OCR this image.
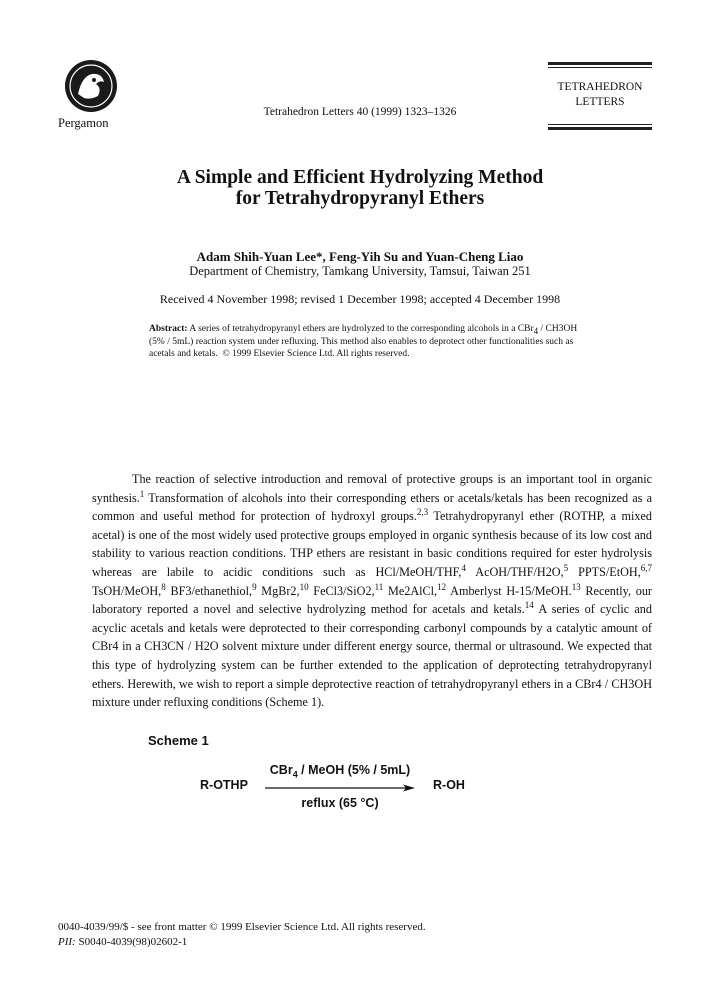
Pergamon
Tetrahedron Letters 40 (1999) 1323–1326
TETRAHEDRON
LETTERS
A Simple and Efficient Hydrolyzing Method
for Tetrahydropyranyl Ethers
Adam Shih-Yuan Lee*, Feng-Yih Su and Yuan-Cheng Liao
Department of Chemistry, Tamkang University, Tamsui, Taiwan 251
Received 4 November 1998; revised 1 December 1998; accepted 4 December 1998
Abstract: A series of tetrahydropyranyl ethers are hydrolyzed to the corresponding alcohols in a CBr$_4$ / CH3OH (5% / 5mL) reaction system under refluxing. This method also enables to deprotect other functionalities such as acetals and ketals. © 1999 Elsevier Science Ltd. All rights reserved.

The reaction of selective introduction and removal of protective groups is an important tool in organic synthesis.$^1$ Transformation of alcohols into their corresponding ethers or acetals/ketals has been recognized as a common and useful method for protection of hydroxyl groups.$^{2,3}$ Tetrahydropyranyl ether (ROTHP, a mixed acetal) is one of the most widely used protective groups employed in organic synthesis because of its low cost and stability to various reaction conditions. THP ethers are resistant in basic conditions required for ester hydrolysis whereas are labile to acidic conditions such as HCl/MeOH/THF,$^4$ AcOH/THF/H2O,$^5$ PPTS/EtOH,$^{6,7}$ TsOH/MeOH,$^8$ BF3/ethanethiol,$^9$ MgBr2,10 FeCl3/SiO2,11 Me2AlCl,$^{12}$ Amberlyst H-15/MeOH.$^{13}$ Recently, our laboratory reported a novel and selective hydrolyzing method for acetals and ketals.$^{14}$ A series of cyclic and acyclic acetals and ketals were deprotected to their corresponding carbonyl compounds by a catalytic amount of CBr4 in a CH3CN / H2O solvent mixture under different energy source, thermal or ultrasound. We expected that this type of hydrolyzing system can be further extended to the application of deprotecting tetrahydropyranyl ethers. Herewith, we wish to report a simple deprotective reaction of tetrahydropyranyl ethers in a CBr4 / CH3OH mixture under refluxing conditions (Scheme 1).

Scheme 1
R-OTHP
CBr$_4$ / MeOH (5% / 5mL)
reflux (65 °C)
R-OH
0040-4039/99/$ - see front matter © 1999 Elsevier Science Ltd. All rights reserved.
PII: S0040-4039(98)02602-1
